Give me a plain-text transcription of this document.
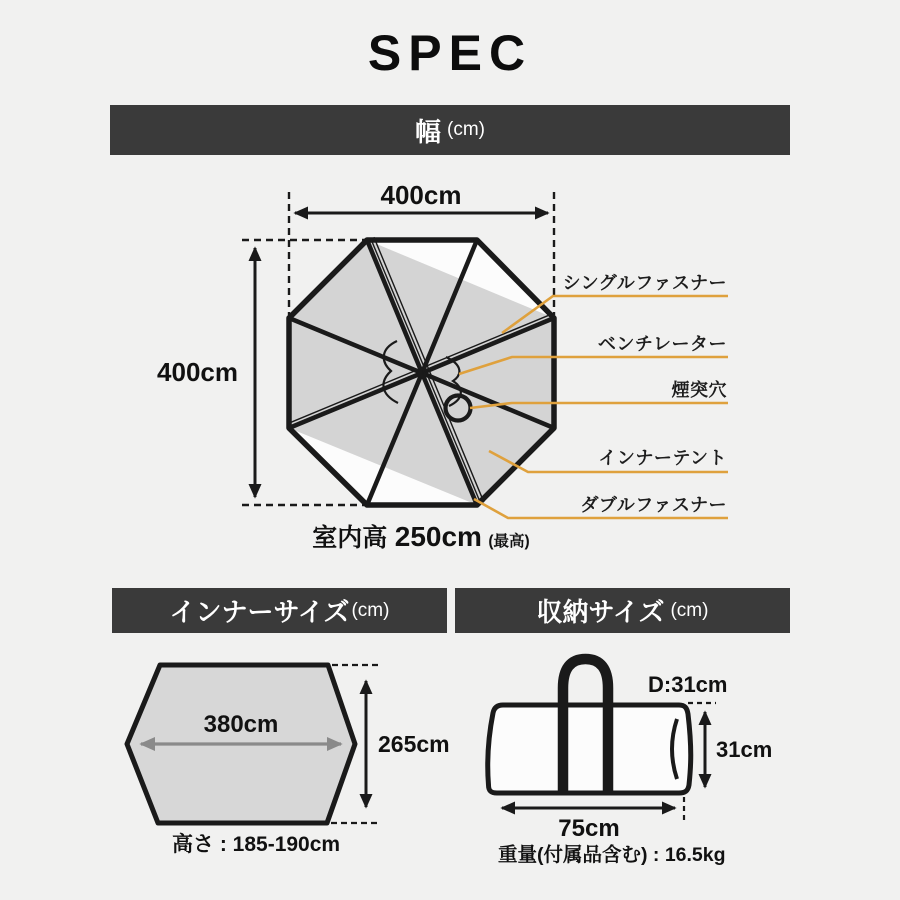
SPEC
幅 (cm)
400cm
400cm
シングルファスナー
ベンチレーター
煙突穴
インナーテント
ダブルファスナー
室内高 250cm (最高)
インナーサイズ (cm)	収納サイズ (cm)
380cm
265cm
高さ : 185-190cm
D:31cm
31cm
75cm
重量(付属品含む) : 16.5kg
